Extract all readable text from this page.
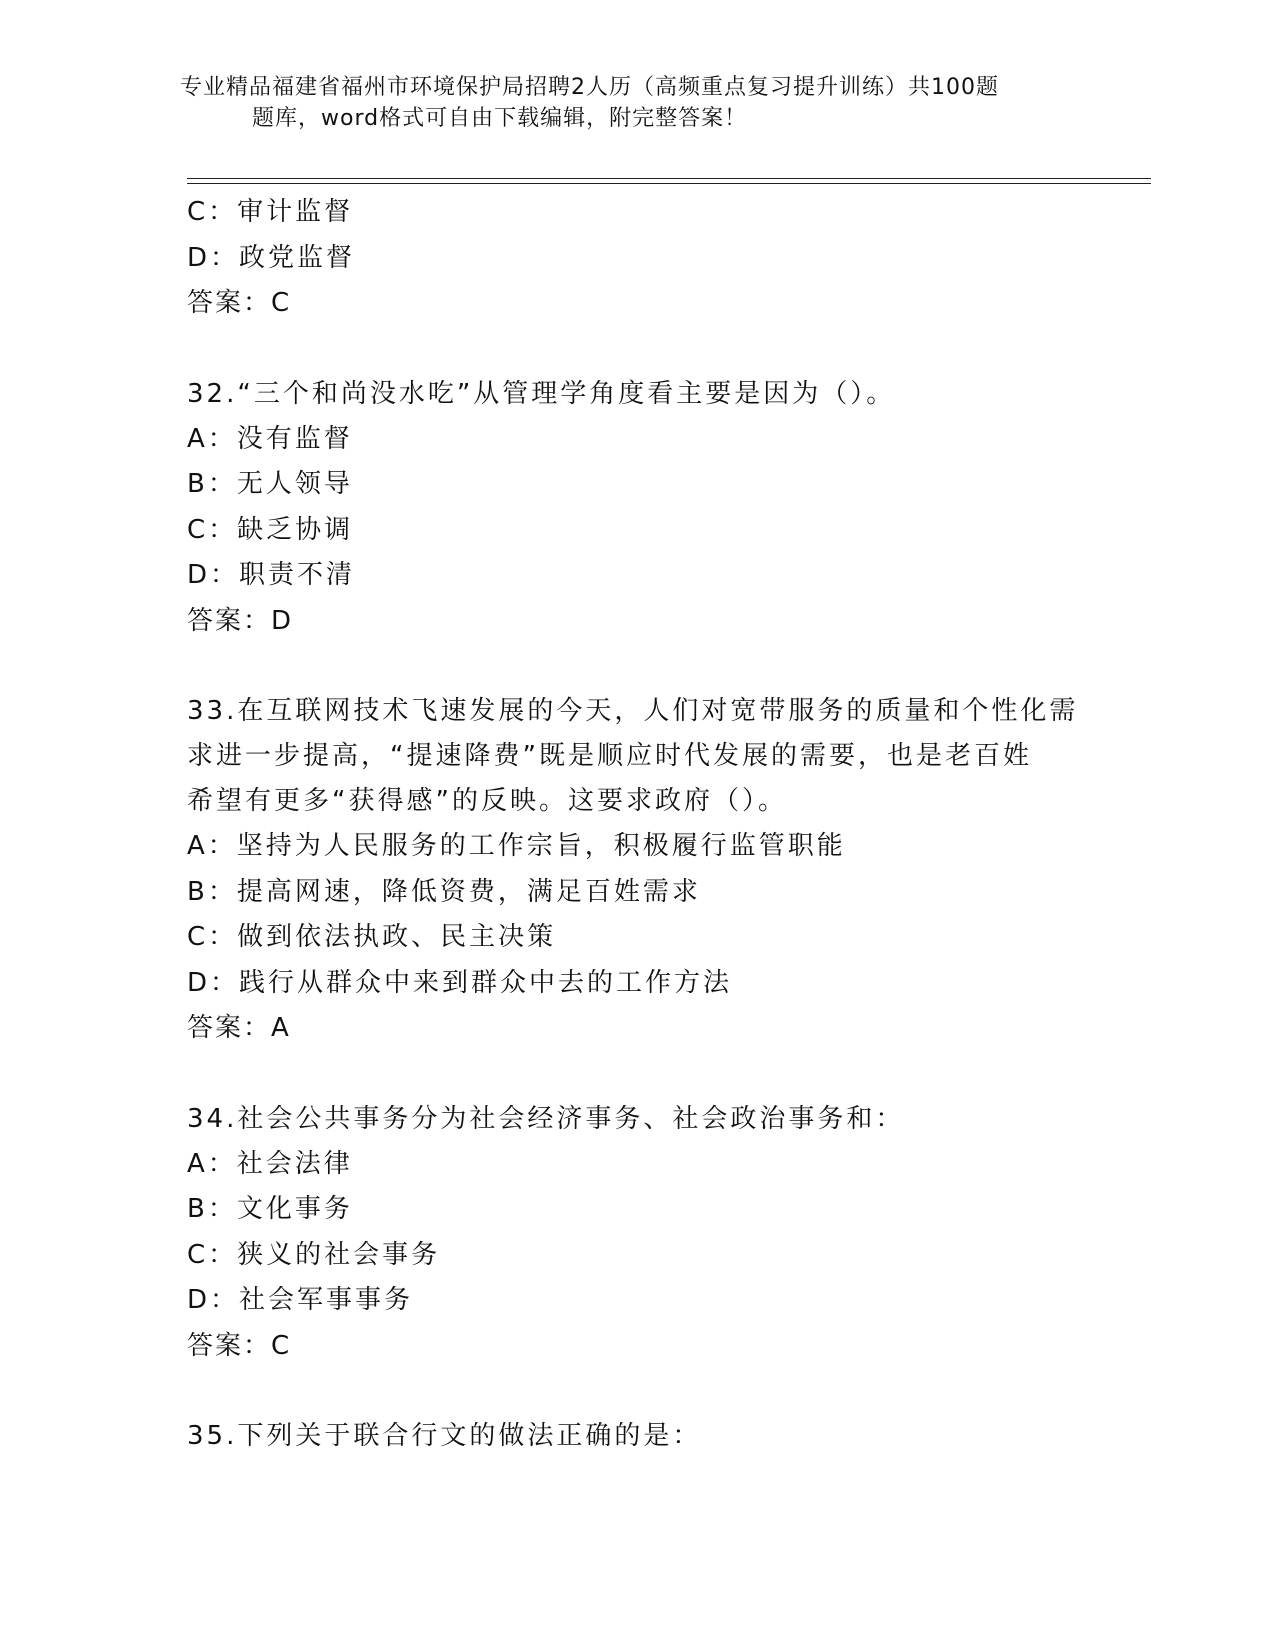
专业精品福建省福州市环境保护局招聘2人历（高频重点复习提升训练）共100题
题库，word格式可自由下载编辑，附完整答案！
C：审计监督
D：政党监督
答案：C
32.“三个和尚没水吃”从管理学角度看主要是因为（）。
A：没有监督
B：无人领导
C：缺乏协调
D：职责不清
答案：D
33.在互联网技术飞速发展的今天，人们对宽带服务的质量和个性化需
求进一步提高，“提速降费”既是顺应时代发展的需要，也是老百姓
希望有更多“获得感”的反映。这要求政府（）。
A：坚持为人民服务的工作宗旨，积极履行监管职能
B：提高网速，降低资费，满足百姓需求
C：做到依法执政、民主决策
D：践行从群众中来到群众中去的工作方法
答案：A
34.社会公共事务分为社会经济事务、社会政治事务和：
A：社会法律
B：文化事务
C：狭义的社会事务
D：社会军事事务
答案：C
35.下列关于联合行文的做法正确的是：
